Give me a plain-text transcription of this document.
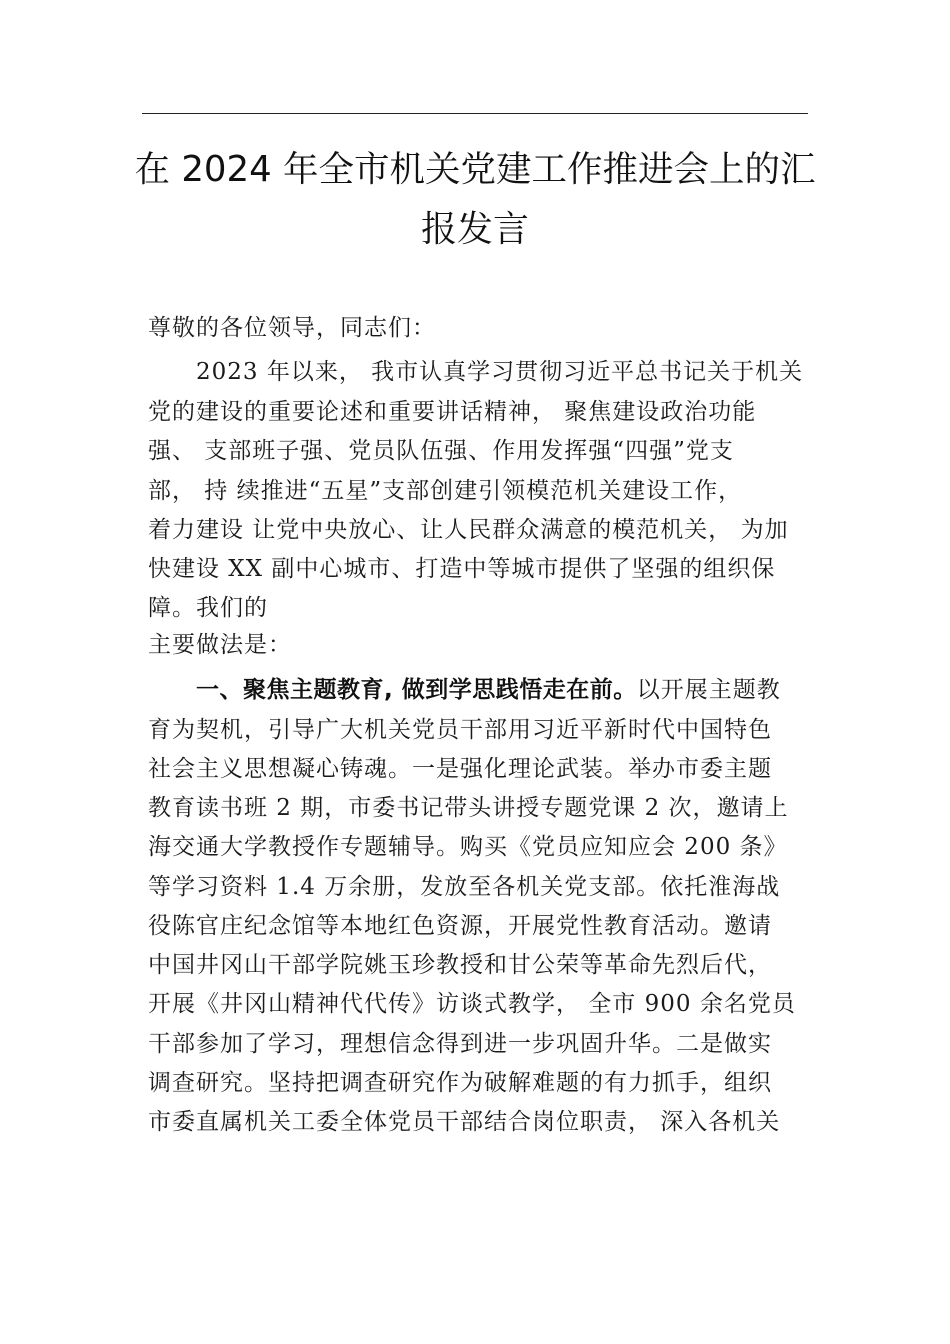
在 2024 年全市机关党建工作推进会上的汇
报发言
尊敬的各位领导，同志们：
2023 年以来， 我市认真学习贯彻习近平总书记关于机关
党的建设的重要论述和重要讲话精神， 聚焦建设政治功能
强、 支部班子强、党员队伍强、作用发挥强“四强”党支
部， 持 续推进“五星”支部创建引领模范机关建设工作，
着力建设 让党中央放心、让人民群众满意的模范机关， 为加
快建设 XX 副中心城市、打造中等城市提供了坚强的组织保
障。我们的
主要做法是：
一、聚焦主题教育, 做到学思践悟走在前。以开展主题教
育为契机，引导广大机关党员干部用习近平新时代中国特色
社会主义思想凝心铸魂。一是强化理论武装。举办市委主题
教育读书班 2 期，市委书记带头讲授专题党课 2 次，邀请上
海交通大学教授作专题辅导。购买《党员应知应会 200 条》
等学习资料 1.4 万余册，发放至各机关党支部。依托淮海战
役陈官庄纪念馆等本地红色资源，开展党性教育活动。邀请
中国井冈山干部学院姚玉珍教授和甘公荣等革命先烈后代，
开展《井冈山精神代代传》访谈式教学， 全市 900 余名党员
干部参加了学习，理想信念得到进一步巩固升华。二是做实
调查研究。坚持把调查研究作为破解难题的有力抓手，组织
市委直属机关工委全体党员干部结合岗位职责， 深入各机关
